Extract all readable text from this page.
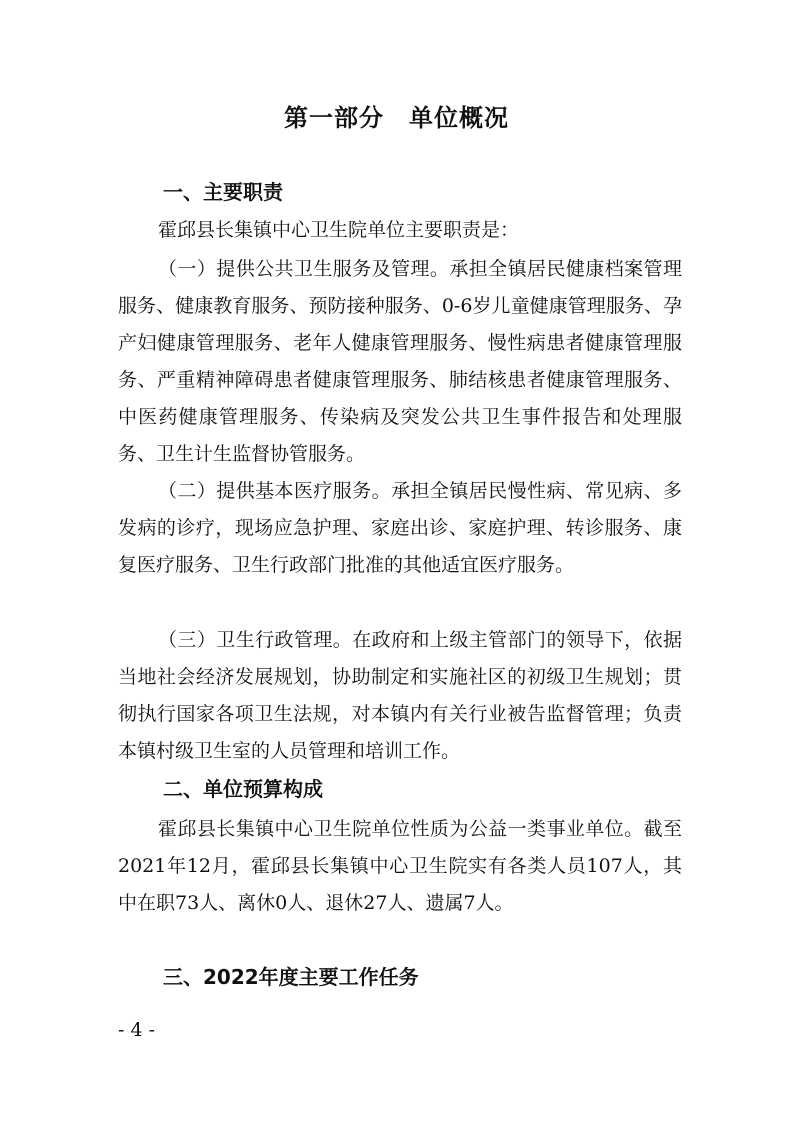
第一部分　单位概况
一、主要职责

霍邱县长集镇中心卫生院单位主要职责是：

（一）提供公共卫生服务及管理。承担全镇居民健康档案管理服务、健康教育服务、预防接种服务、0-6岁儿童健康管理服务、孕产妇健康管理服务、老年人健康管理服务、慢性病患者健康管理服务、严重精神障碍患者健康管理服务、肺结核患者健康管理服务、中医药健康管理服务、传染病及突发公共卫生事件报告和处理服务、卫生计生监督协管服务。

（二）提供基本医疗服务。承担全镇居民慢性病、常见病、多发病的诊疗，现场应急护理、家庭出诊、家庭护理、转诊服务、康复医疗服务、卫生行政部门批准的其他适宜医疗服务。

（三）卫生行政管理。在政府和上级主管部门的领导下，依据当地社会经济发展规划，协助制定和实施社区的初级卫生规划；贯彻执行国家各项卫生法规，对本镇内有关行业被告监督管理；负责本镇村级卫生室的人员管理和培训工作。

二、单位预算构成

霍邱县长集镇中心卫生院单位性质为公益一类事业单位。截至2021年12月，霍邱县长集镇中心卫生院实有各类人员107人，其中在职73人、离休0人、退休27人、遗属7人。

三、2022年度主要工作任务
- 4 -
